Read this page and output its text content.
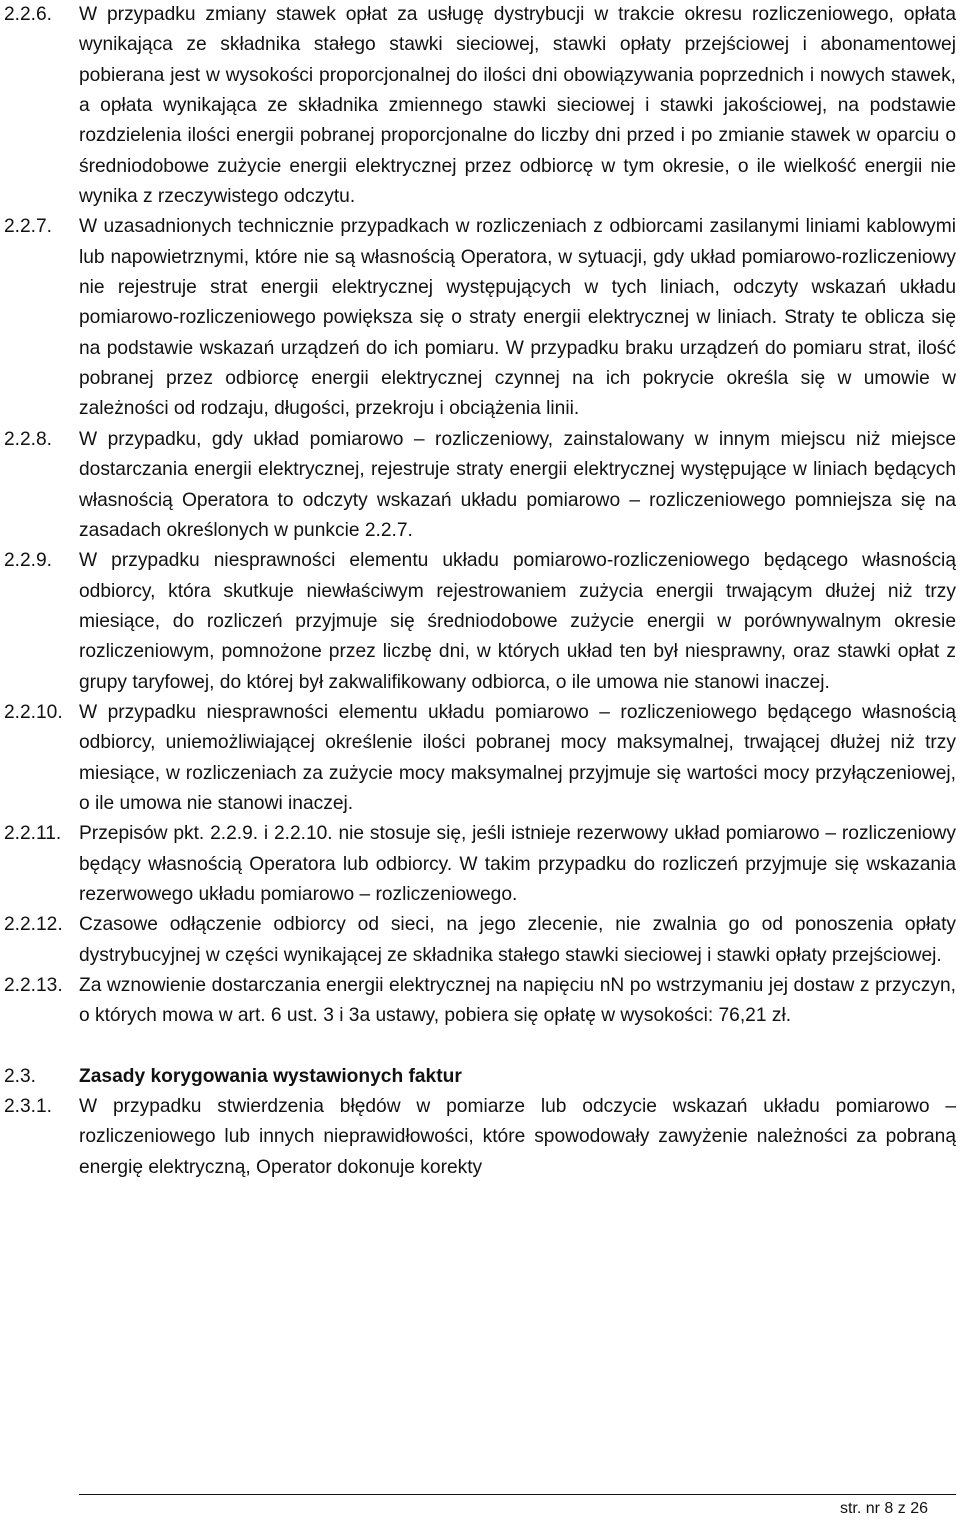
2.2.6.	W przypadku zmiany stawek opłat za usługę dystrybucji w trakcie okresu rozliczeniowego, opłata wynikająca ze składnika stałego stawki sieciowej, stawki opłaty przejściowej i abonamentowej pobierana jest w wysokości proporcjonalnej do ilości dni obowiązywania poprzednich i nowych stawek, a opłata wynikająca ze składnika zmiennego stawki sieciowej i stawki jakościowej, na podstawie rozdzielenia ilości energii pobranej proporcjonalne do liczby dni przed i po zmianie stawek w oparciu o średniodobowe zużycie energii elektrycznej przez odbiorcę w tym okresie, o ile wielkość energii nie wynika z rzeczywistego odczytu.
2.2.7.	W uzasadnionych technicznie przypadkach w rozliczeniach z odbiorcami zasilanymi liniami kablowymi lub napowietrznymi, które nie są własnością Operatora, w sytuacji, gdy układ pomiarowo-rozliczeniowy nie rejestruje strat energii elektrycznej występujących w tych liniach, odczyty wskazań układu pomiarowo-rozliczeniowego powiększa się o straty energii elektrycznej w liniach. Straty te oblicza się na podstawie wskazań urządzeń do ich pomiaru. W przypadku braku urządzeń do pomiaru strat, ilość pobranej przez odbiorcę energii elektrycznej czynnej na ich pokrycie określa się w umowie w zależności od rodzaju, długości, przekroju i obciążenia linii.
2.2.8.	W przypadku, gdy układ pomiarowo – rozliczeniowy, zainstalowany w innym miejscu niż miejsce dostarczania energii elektrycznej, rejestruje straty energii elektrycznej występujące w liniach będących własnością Operatora to odczyty wskazań układu pomiarowo – rozliczeniowego pomniejsza się na zasadach określonych w punkcie 2.2.7.
2.2.9.	W przypadku niesprawności elementu układu pomiarowo-rozliczeniowego będącego własnością odbiorcy, która skutkuje niewłaściwym rejestrowaniem zużycia energii trwającym dłużej niż trzy miesiące, do rozliczeń przyjmuje się średniodobowe zużycie energii w porównywalnym okresie rozliczeniowym, pomnożone przez liczbę dni, w których układ ten był niesprawny, oraz stawki opłat z grupy taryfowej, do której był zakwalifikowany odbiorca, o ile umowa nie stanowi inaczej.
2.2.10. W przypadku niesprawności elementu układu pomiarowo – rozliczeniowego będącego własnością odbiorcy, uniemożliwiającej określenie ilości pobranej mocy maksymalnej, trwającej dłużej niż trzy miesiące, w rozliczeniach za zużycie mocy maksymalnej przyjmuje się wartości mocy przyłączeniowej, o ile umowa nie stanowi inaczej.
2.2.11. Przepisów pkt. 2.2.9. i 2.2.10. nie stosuje się, jeśli istnieje rezerwowy układ pomiarowo – rozliczeniowy będący własnością Operatora lub odbiorcy. W takim przypadku do rozliczeń przyjmuje się wskazania rezerwowego układu pomiarowo – rozliczeniowego.
2.2.12. Czasowe odłączenie odbiorcy od sieci, na jego zlecenie, nie zwalnia go od ponoszenia opłaty dystrybucyjnej w części wynikającej ze składnika stałego stawki sieciowej i stawki opłaty przejściowej.
2.2.13. Za wznowienie dostarczania energii elektrycznej na napięciu nN po wstrzymaniu jej dostaw z przyczyn, o których mowa w art. 6 ust. 3 i 3a ustawy, pobiera się opłatę w wysokości: 76,21 zł.
2.3.	Zasady korygowania wystawionych faktur
2.3.1.	W przypadku stwierdzenia błędów w pomiarze lub odczycie wskazań układu pomiarowo – rozliczeniowego lub innych nieprawidłowości, które spowodowały zawyżenie należności za pobraną energię elektryczną, Operator dokonuje korekty
str. nr 8 z 26
